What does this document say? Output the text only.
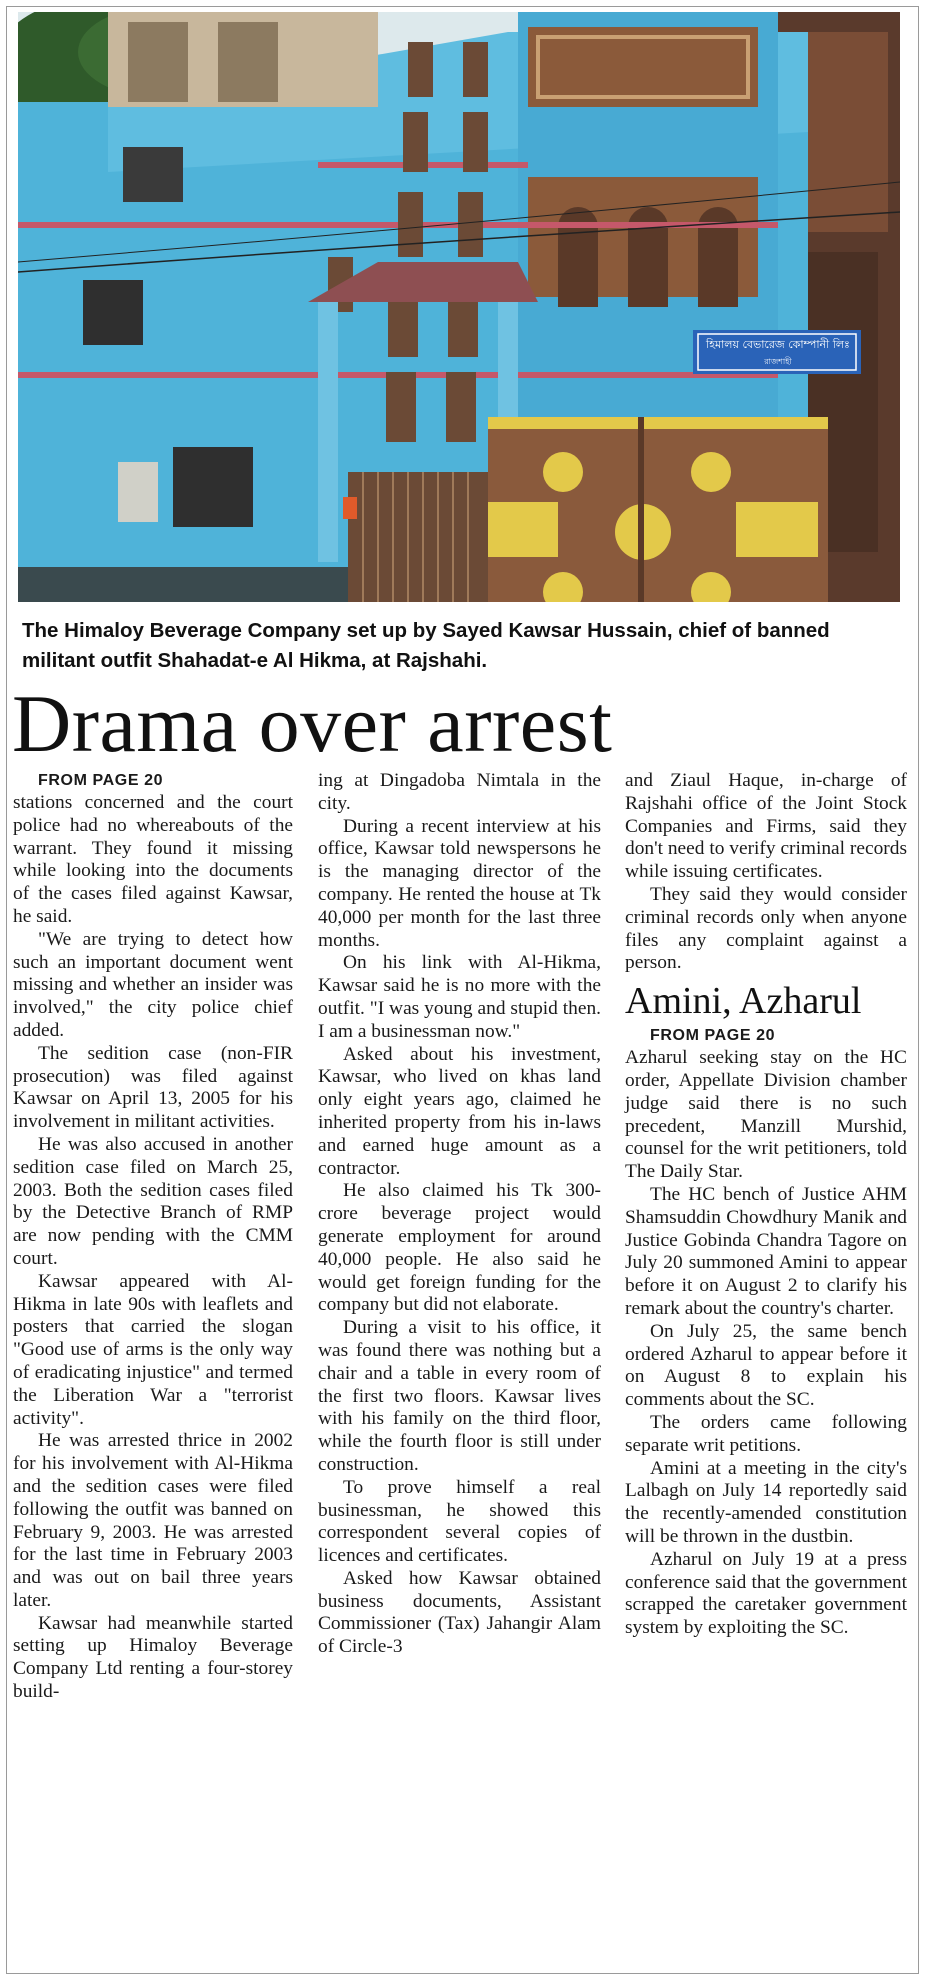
হিমালয় বেভারেজ কোম্পানী লিঃ
রাজশাহী
The Himaloy Beverage Company set up by Sayed Kawsar Hussain, chief of banned militant outfit Shahadat-e Al Hikma, at Rajshahi.
Drama over arrest

FROM PAGE 20

stations concerned and the court police had no whereabouts of the warrant. They found it missing while looking into the documents of the cases filed against Kawsar, he said.

"We are trying to detect how such an important document went missing and whether an insider was involved," the city police chief added.

The sedition case (non-FIR prosecution) was filed against Kawsar on April 13, 2005 for his involvement in militant activities.

He was also accused in another sedition case filed on March 25, 2003. Both the sedition cases filed by the Detective Branch of RMP are now pending with the CMM court.

Kawsar appeared with Al-Hikma in late 90s with leaflets and posters that carried the slogan "Good use of arms is the only way of eradicating injustice" and termed the Liberation War a "terrorist activity".

He was arrested thrice in 2002 for his involvement with Al-Hikma and the sedition cases were filed following the outfit was banned on February 9, 2003. He was arrested for the last time in February 2003 and was out on bail three years later.

Kawsar had meanwhile started setting up Himaloy Beverage Company Ltd renting a four-storey build-

ing at Dingadoba Nimtala in the city.

During a recent interview at his office, Kawsar told newspersons he is the managing director of the company. He rented the house at Tk 40,000 per month for the last three months.

On his link with Al-Hikma, Kawsar said he is no more with the outfit. "I was young and stupid then. I am a businessman now."

Asked about his investment, Kawsar, who lived on khas land only eight years ago, claimed he inherited property from his in-laws and earned huge amount as a contractor.

He also claimed his Tk 300-crore beverage project would generate employment for around 40,000 people. He also said he would get foreign funding for the company but did not elaborate.

During a visit to his office, it was found there was nothing but a chair and a table in every room of the first two floors. Kawsar lives with his family on the third floor, while the fourth floor is still under construction.

To prove himself a real businessman, he showed this correspondent several copies of licences and certificates.

Asked how Kawsar obtained business documents, Assistant Commissioner (Tax) Jahangir Alam of Circle-3

and Ziaul Haque, in-charge of Rajshahi office of the Joint Stock Companies and Firms, said they don't need to verify criminal records while issuing certificates.

They said they would consider criminal records only when anyone files any complaint against a person.

Amini, Azharul

FROM PAGE 20

Azharul seeking stay on the HC order, Appellate Division chamber judge said there is no such precedent, Manzill Murshid, counsel for the writ petitioners, told The Daily Star.

The HC bench of Justice AHM Shamsuddin Chowdhury Manik and Justice Gobinda Chandra Tagore on July 20 summoned Amini to appear before it on August 2 to clarify his remark about the country's charter.

On July 25, the same bench ordered Azharul to appear before it on August 8 to explain his comments about the SC.

The orders came following separate writ petitions.

Amini at a meeting in the city's Lalbagh on July 14 reportedly said the recently-amended constitution will be thrown in the dustbin.

Azharul on July 19 at a press conference said that the government scrapped the caretaker government system by exploiting the SC.
